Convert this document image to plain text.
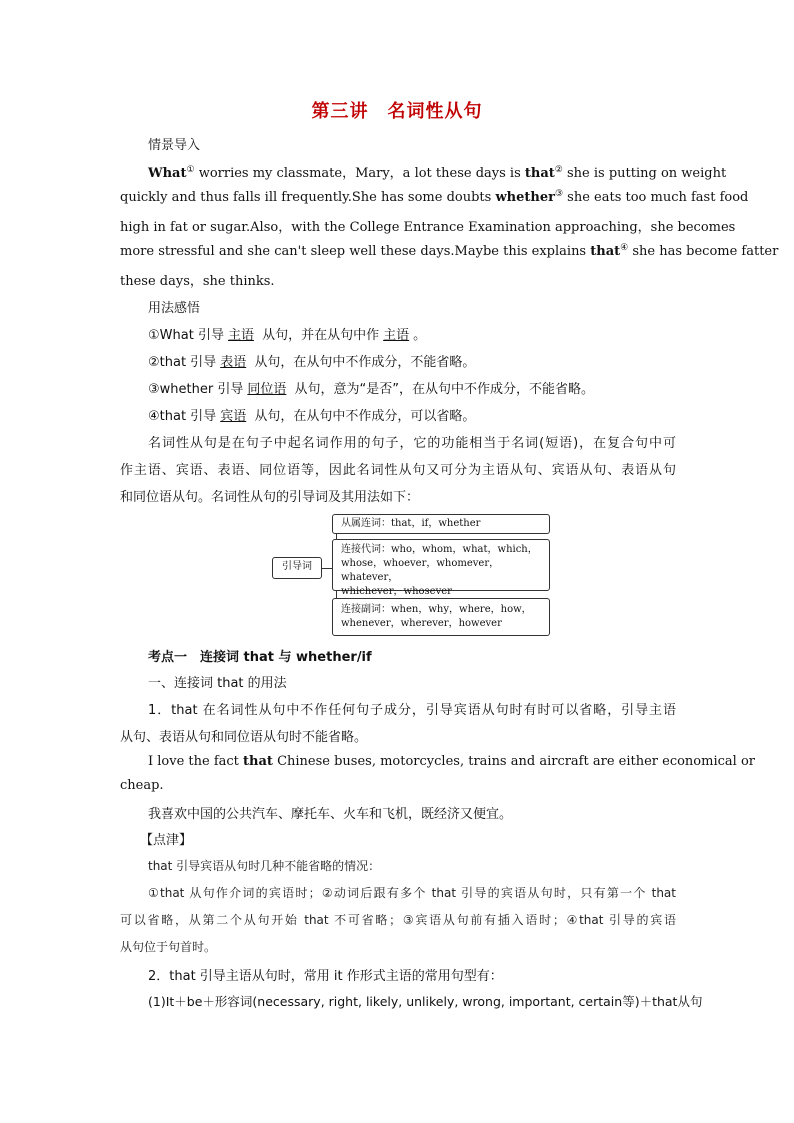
第三讲　名词性从句
情景导入
What① worries my classmate，Mary，a lot these days is that② she is putting on weight
quickly and thus falls ill frequently.She has some doubts whether③ she eats too much fast food
high in fat or sugar.Also，with the College Entrance Examination approaching，she becomes
more stressful and she can't sleep well these days.Maybe this explains that④ she has become fatter
these days，she thinks.
用法感悟
①What 引导 主语 从句，并在从句中作 主语 。
②that 引导 表语 从句，在从句中不作成分，不能省略。
③whether 引导 同位语 从句，意为“是否”，在从句中不作成分，不能省略。
④that 引导 宾语 从句，在从句中不作成分，可以省略。
名词性从句是在句子中起名词作用的句子，它的功能相当于名词(短语)，在复合句中可
作主语、宾语、表语、同位语等，因此名词性从句又可分为主语从句、宾语从句、表语从句
和同位语从句。名词性从句的引导词及其用法如下：
引导词
从属连词：that，if，whether
连接代词：who，whom，what，which，
whose，whoever，whomever，whatever，
whichever，whosever
连接副词：when，why，where，how，
whenever，wherever，however
考点一　连接词 that 与 whether/if
一、连接词 that 的用法
1．that 在名词性从句中不作任何句子成分，引导宾语从句时有时可以省略，引导主语
从句、表语从句和同位语从句时不能省略。
I love the fact that Chinese buses, motorcycles, trains and aircraft are either economical or
cheap.
我喜欢中国的公共汽车、摩托车、火车和飞机，既经济又便宜。
【点津】
that 引导宾语从句时几种不能省略的情况：
①that 从句作介词的宾语时；②动词后跟有多个 that 引导的宾语从句时，只有第一个 that
可以省略，从第二个从句开始 that 不可省略；③宾语从句前有插入语时；④that 引导的宾语
从句位于句首时。
2．that 引导主语从句时，常用 it 作形式主语的常用句型有：
(1)It＋be＋形容词(necessary, right, likely, unlikely, wrong, important, certain等)＋that从句
